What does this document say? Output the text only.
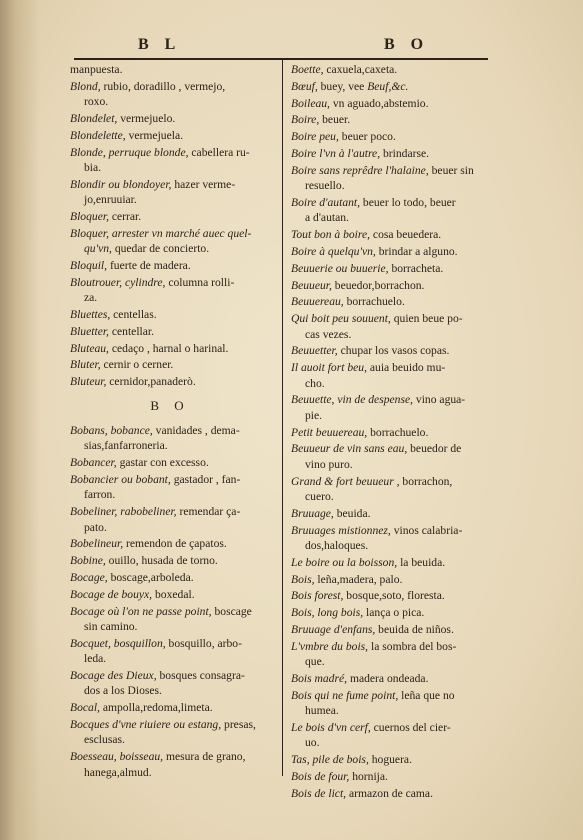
B L	B O
manpuesta.
Blond, rubio, doradillo , vermejo,
roxo.
Blondelet, vermejuelo.
Blondelette, vermejuela.
Blonde, perruque blonde, cabellera ru-
bia.
Blondir ou blondoyer, hazer verme-
jo,enruuiar.
Bloquer, cerrar.
Bloquer, arrester vn marché auec quel-
qu'vn, quedar de concierto.
Bloquil, fuerte de madera.
Bloutrouer, cylindre, columna rolli-
za.
Bluettes, centellas.
Bluetter, centellar.
Bluteau, cedaço , harnal o harinal.
Bluter, cernir o cerner.
Bluteur, cernidor,panaderò.
B O
Bobans, bobance, vanidades , dema-
sias,fanfarroneria.
Bobancer, gastar con excesso.
Bobancier ou bobant, gastador , fan-
farron.
Bobeliner, rabobeliner, remendar ça-
pato.
Bobelineur, remendon de çapatos.
Bobine, ouillo, husada de torno.
Bocage, boscage,arboleda.
Bocage de bouyx, boxedal.
Bocage où l'on ne passe point, boscage
sin camino.
Bocquet, bosquillon, bosquillo, arbo-
leda.
Bocage des Dieux, bosques consagra-
dos a los Dioses.
Bocal, ampolla,redoma,limeta.
Bocques d'vne riuiere ou estang, presas,
esclusas.
Boesseau, boisseau, mesura de grano,
hanega,almud.
Boette, caxuela,caxeta.
Bœuf, buey, vee Beuf,&c.
Boileau, vn aguado,abstemio.
Boire, beuer.
Boire peu, beuer poco.
Boire l'vn à l'autre, brindarse.
Boire sans reprêdre l'halaine, beuer sin
resuello.
Boire d'autant, beuer lo todo, beuer
a d'autan.
Tout bon à boire, cosa beuedera.
Boire à quelqu'vn, brindar a alguno.
Beuuerie ou buuerie, borracheta.
Beuueur, beuedor,borrachon.
Beuuereau, borrachuelo.
Qui boit peu souuent, quien beue po-
cas vezes.
Beuuetter, chupar los vasos copas.
Il auoit fort beu, auia beuido mu-
cho.
Beuuette, vin de despense, vino agua-
pie.
Petit beuuereau, borrachuelo.
Beuueur de vin sans eau, beuedor de
vino puro.
Grand & fort beuueur , borrachon,
cuero.
Bruuage, beuida.
Bruuages mistionnez, vinos calabria-
dos,haloques.
Le boire ou la boisson, la beuida.
Bois, leña,madera, palo.
Bois forest, bosque,soto, floresta.
Bois, long bois, lança o pica.
Bruuage d'enfans, beuida de niños.
L'vmbre du bois, la sombra del bos-
que.
Bois madré, madera ondeada.
Bois qui ne fume point, leña que no
humea.
Le bois d'vn cerf, cuernos del cier-
uo.
Tas, pile de bois, hoguera.
Bois de four, hornija.
Bois de lict, armazon de cama.
